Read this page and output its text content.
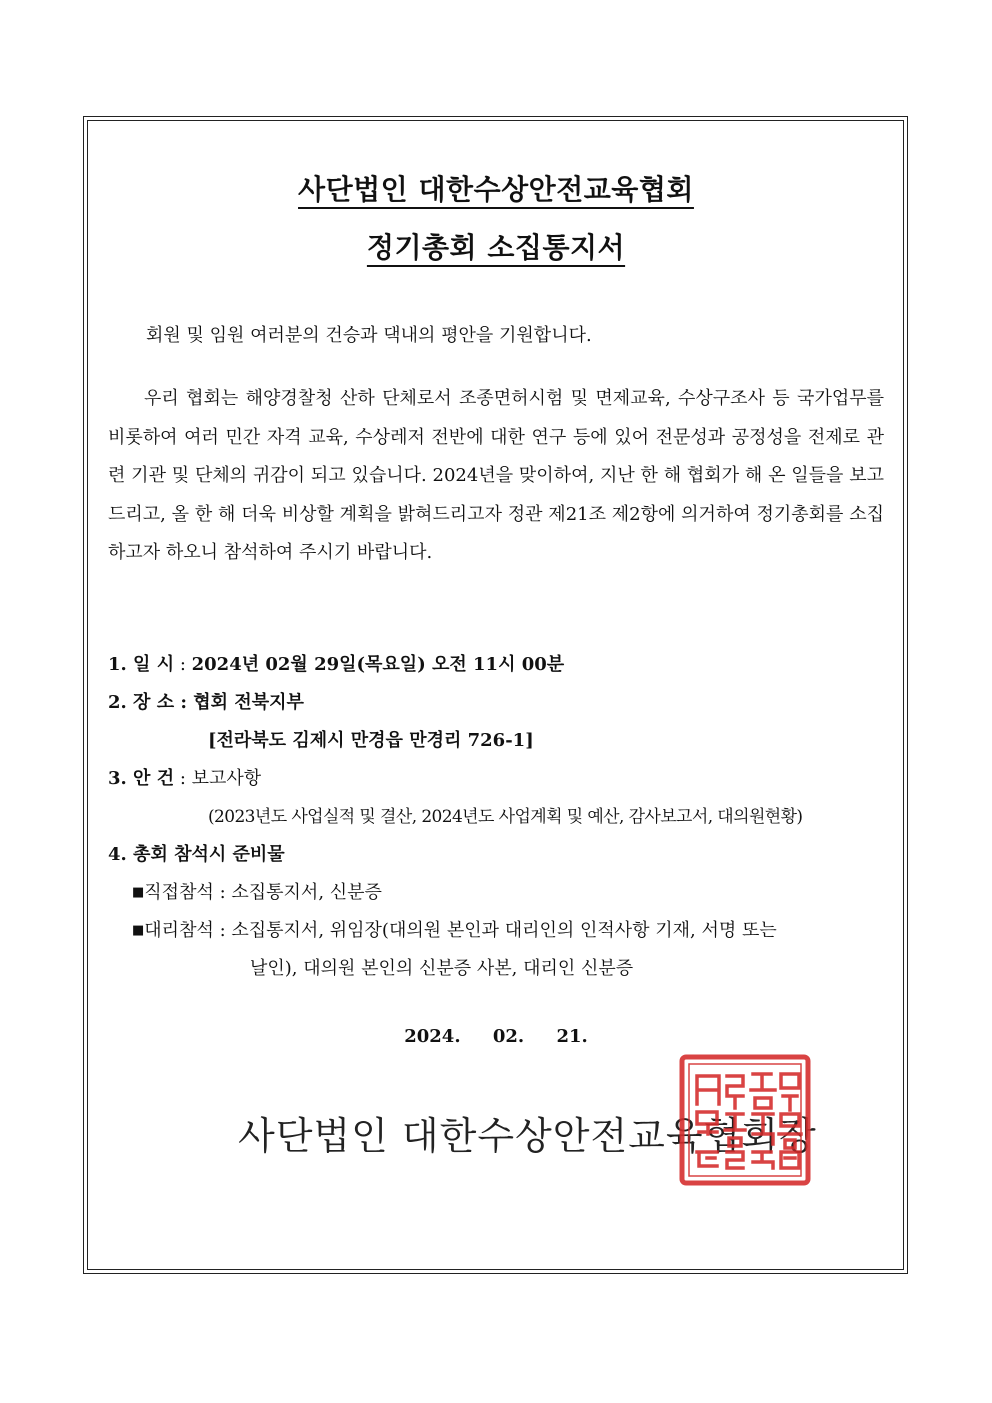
사단법인 대한수상안전교육협회
정기총회 소집통지서
회원 및 임원 여러분의 건승과 댁내의 평안을 기원합니다.
우리 협회는 해양경찰청 산하 단체로서 조종면허시험 및 면제교육, 수상구조사 등 국가업무를 비롯하여 여러 민간 자격 교육, 수상레저 전반에 대한 연구 등에 있어 전문성과 공정성을 전제로 관련 기관 및 단체의 귀감이 되고 있습니다. 2024년을 맞이하여, 지난 한 해 협회가 해 온 일들을 보고 드리고, 올 한 해 더욱 비상할 계획을 밝혀드리고자 정관 제21조 제2항에 의거하여 정기총회를 소집하고자 하오니 참석하여 주시기 바랍니다.
1. 일 시 : 2024년 02월 29일(목요일) 오전 11시 00분
2. 장 소 : 협회 전북지부
[전라북도 김제시 만경읍 만경리 726-1]
3. 안 건 : 보고사항
(2023년도 사업실적 및 결산, 2024년도 사업계획 및 예산, 감사보고서, 대의원현황)
4. 총회 참석시 준비물
■직접참석 : 소집통지서, 신분증
■대리참석 : 소집통지서, 위임장(대의원 본인과 대리인의 인적사항 기재, 서명 또는
날인), 대의원 본인의 신분증 사본, 대리인 신분증
2024. 02. 21.
사단법인 대한수상안전교육협회장
